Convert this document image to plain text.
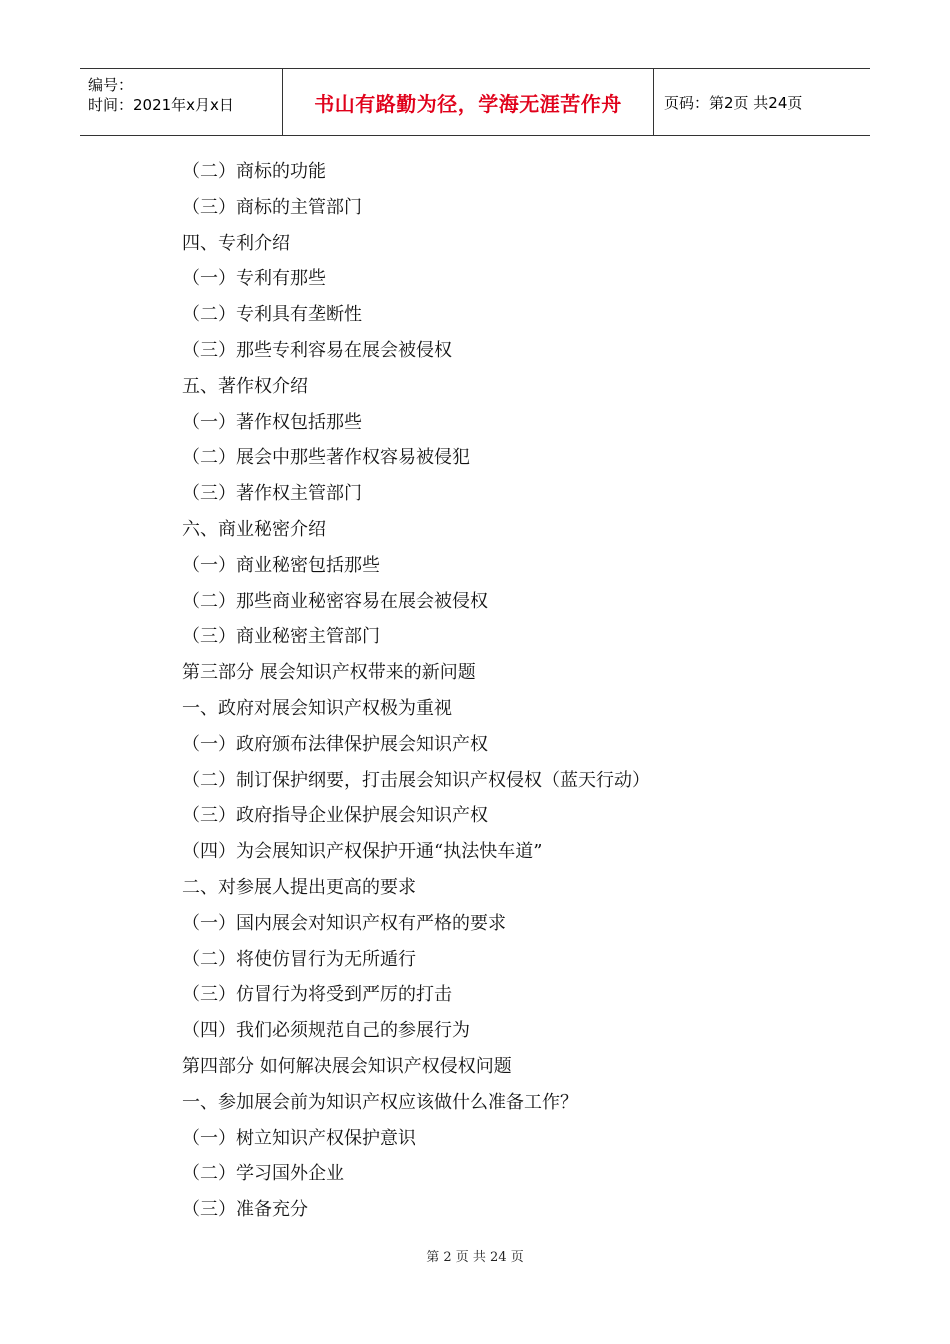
编号：
时间：2021年x月x日	书山有路勤为径，学海无涯苦作舟	页码：第2页 共24页
（二）商标的功能
（三）商标的主管部门
四、专利介绍
（一）专利有那些
（二）专利具有垄断性
（三）那些专利容易在展会被侵权
五、著作权介绍
（一）著作权包括那些
（二）展会中那些著作权容易被侵犯
（三）著作权主管部门
六、商业秘密介绍
（一）商业秘密包括那些
（二）那些商业秘密容易在展会被侵权
（三）商业秘密主管部门
第三部分 展会知识产权带来的新问题
一、政府对展会知识产权极为重视
（一）政府颁布法律保护展会知识产权
（二）制订保护纲要，打击展会知识产权侵权（蓝天行动）
（三）政府指导企业保护展会知识产权
（四）为会展知识产权保护开通“执法快车道”
二、对参展人提出更高的要求
（一）国内展会对知识产权有严格的要求
（二）将使仿冒行为无所遁行
（三）仿冒行为将受到严厉的打击
（四）我们必须规范自己的参展行为
第四部分 如何解决展会知识产权侵权问题
一、参加展会前为知识产权应该做什么准备工作？
（一）树立知识产权保护意识
（二）学习国外企业
（三）准备充分
第 2 页 共 24 页
